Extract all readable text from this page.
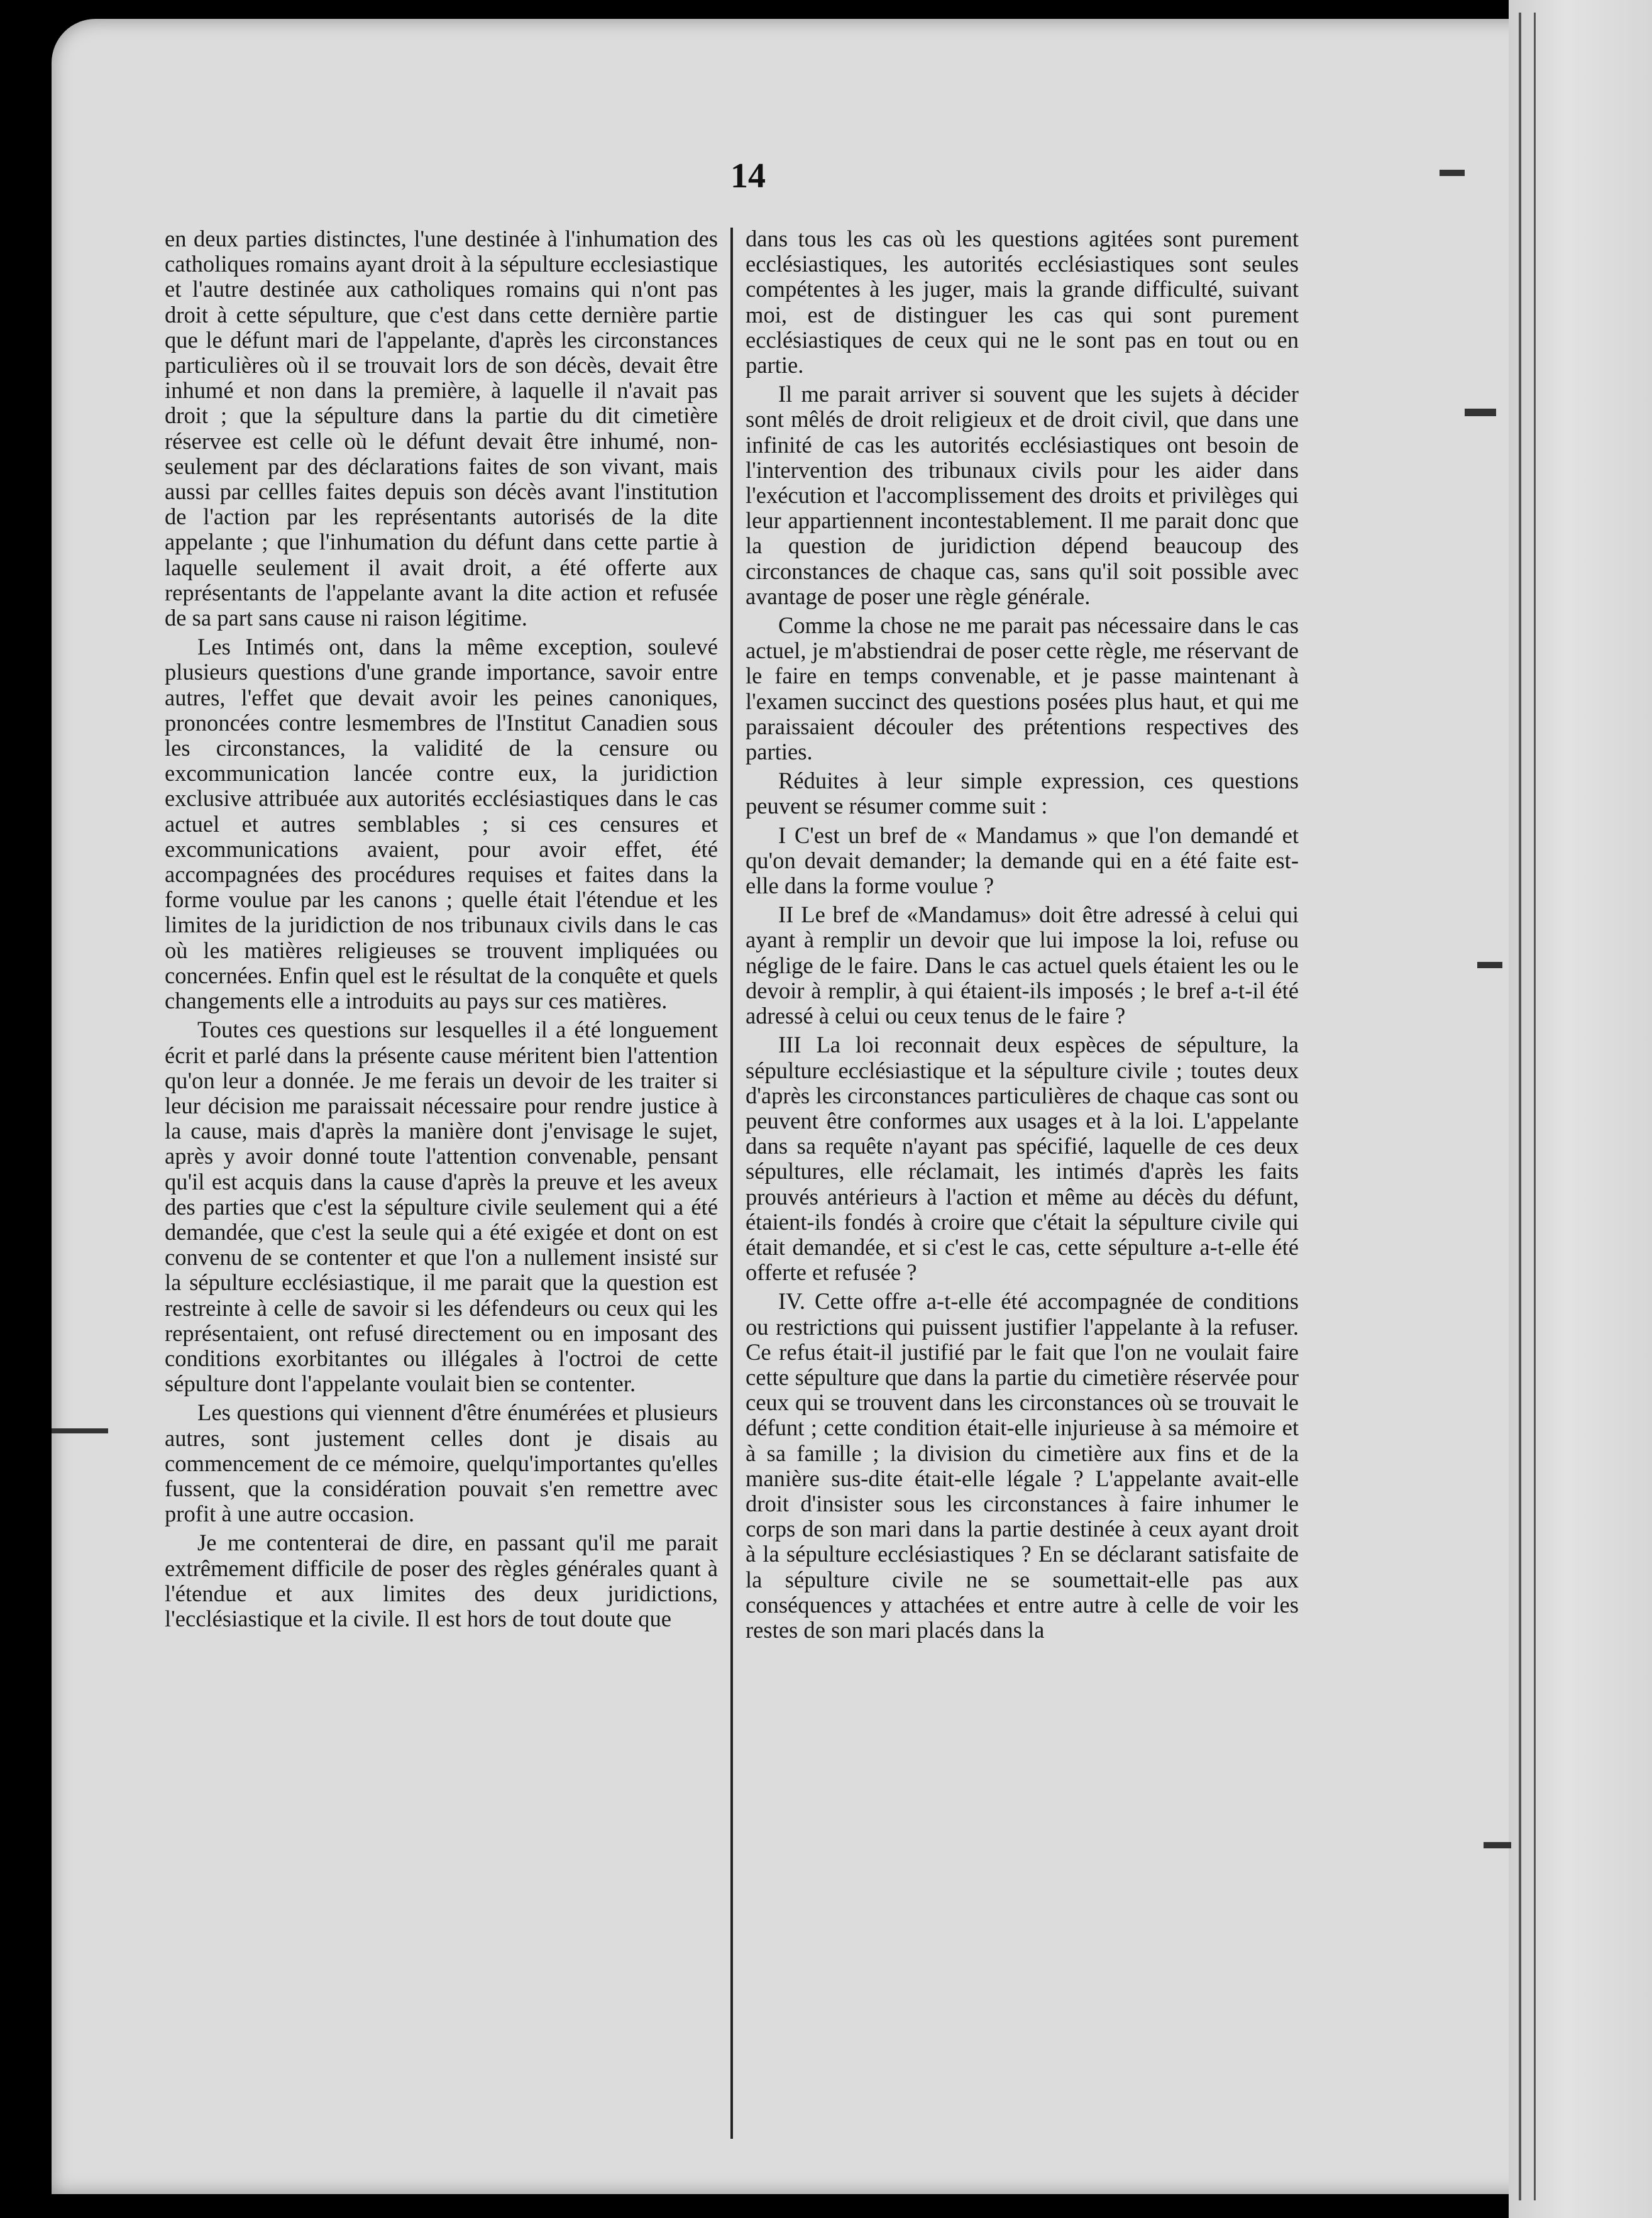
14

en deux parties distinctes, l'une destinée à l'inhumation des catholiques romains ayant droit à la sépulture ecclesiastique et l'autre destinée aux catholiques romains qui n'ont pas droit à cette sépulture, que c'est dans cette dernière partie que le défunt mari de l'appelante, d'après les circonstances particulières où il se trouvait lors de son décès, devait être inhumé et non dans la première, à laquelle il n'avait pas droit ; que la sépulture dans la partie du dit cimetière réservee est celle où le défunt devait être inhumé, non-seulement par des déclarations faites de son vivant, mais aussi par cellles faites depuis son décès avant l'institution de l'action par les représentants autorisés de la dite appelante ; que l'inhumation du défunt dans cette partie à laquelle seulement il avait droit, a été offerte aux représentants de l'appelante avant la dite action et refusée de sa part sans cause ni raison légitime.

Les Intimés ont, dans la même exception, soulevé plusieurs questions d'une grande importance, savoir entre autres, l'effet que devait avoir les peines canoniques, prononcées contre lesmembres de l'Institut Canadien sous les circonstances, la validité de la censure ou excommunication lancée contre eux, la juridiction exclusive attribuée aux autorités ecclésiastiques dans le cas actuel et autres semblables ; si ces censures et excommunications avaient, pour avoir effet, été accompagnées des procédures requises et faites dans la forme voulue par les canons ; quelle était l'étendue et les limites de la juridiction de nos tribunaux civils dans le cas où les matières religieuses se trouvent impliquées ou concernées. Enfin quel est le résultat de la conquête et quels changements elle a introduits au pays sur ces matières.

Toutes ces questions sur lesquelles il a été longuement écrit et parlé dans la présente cause méritent bien l'attention qu'on leur a donnée. Je me ferais un devoir de les traiter si leur décision me paraissait nécessaire pour rendre justice à la cause, mais d'après la manière dont j'envisage le sujet, après y avoir donné toute l'attention convenable, pensant qu'il est acquis dans la cause d'après la preuve et les aveux des parties que c'est la sépulture civile seulement qui a été demandée, que c'est la seule qui a été exigée et dont on est convenu de se contenter et que l'on a nullement insisté sur la sépulture ecclésiastique, il me parait que la question est restreinte à celle de savoir si les défendeurs ou ceux qui les représentaient, ont refusé directement ou en imposant des conditions exorbitantes ou illégales à l'octroi de cette sépulture dont l'appelante voulait bien se contenter.

Les questions qui viennent d'être énumérées et plusieurs autres, sont justement celles dont je disais au commencement de ce mémoire, quelqu'importantes qu'elles fussent, que la considération pouvait s'en remettre avec profit à une autre occasion.

Je me contenterai de dire, en passant qu'il me parait extrêmement difficile de poser des règles générales quant à l'étendue et aux limites des deux juridictions, l'ecclésiastique et la civile. Il est hors de tout doute que

dans tous les cas où les questions agitées sont purement ecclésiastiques, les autorités ecclésiastiques sont seules compétentes à les juger, mais la grande difficulté, suivant moi, est de distinguer les cas qui sont purement ecclésiastiques de ceux qui ne le sont pas en tout ou en partie.

Il me parait arriver si souvent que les sujets à décider sont mêlés de droit religieux et de droit civil, que dans une infinité de cas les autorités ecclésiastiques ont besoin de l'intervention des tribunaux civils pour les aider dans l'exécution et l'accomplissement des droits et privilèges qui leur appartiennent incontestablement. Il me parait donc que la question de juridiction dépend beaucoup des circonstances de chaque cas, sans qu'il soit possible avec avantage de poser une règle générale.

Comme la chose ne me parait pas nécessaire dans le cas actuel, je m'abstiendrai de poser cette règle, me réservant de le faire en temps convenable, et je passe maintenant à l'examen succinct des questions posées plus haut, et qui me paraissaient découler des prétentions respectives des parties.

Réduites à leur simple expression, ces questions peuvent se résumer comme suit :

I C'est un bref de « Mandamus » que l'on demandé et qu'on devait demander; la demande qui en a été faite est-elle dans la forme voulue ?

II Le bref de «Mandamus» doit être adressé à celui qui ayant à remplir un devoir que lui impose la loi, refuse ou néglige de le faire. Dans le cas actuel quels étaient les ou le devoir à remplir, à qui étaient-ils imposés ; le bref a-t-il été adressé à celui ou ceux tenus de le faire ?

III La loi reconnait deux espèces de sépulture, la sépulture ecclésiastique et la sépulture civile ; toutes deux d'après les circonstances particulières de chaque cas sont ou peuvent être conformes aux usages et à la loi. L'appelante dans sa requête n'ayant pas spécifié, laquelle de ces deux sépultures, elle réclamait, les intimés d'après les faits prouvés antérieurs à l'action et même au décès du défunt, étaient-ils fondés à croire que c'était la sépulture civile qui était demandée, et si c'est le cas, cette sépulture a-t-elle été offerte et refusée ?

IV. Cette offre a-t-elle été accompagnée de conditions ou restrictions qui puissent justifier l'appelante à la refuser. Ce refus était-il justifié par le fait que l'on ne voulait faire cette sépulture que dans la partie du cimetière réservée pour ceux qui se trouvent dans les circonstances où se trouvait le défunt ; cette condition était-elle injurieuse à sa mémoire et à sa famille ; la division du cimetière aux fins et de la manière sus-dite était-elle légale ? L'appelante avait-elle droit d'insister sous les circonstances à faire inhumer le corps de son mari dans la partie destinée à ceux ayant droit à la sépulture ecclésiastiques ? En se déclarant satisfaite de la sépulture civile ne se soumettait-elle pas aux conséquences y attachées et entre autre à celle de voir les restes de son mari placés dans la
